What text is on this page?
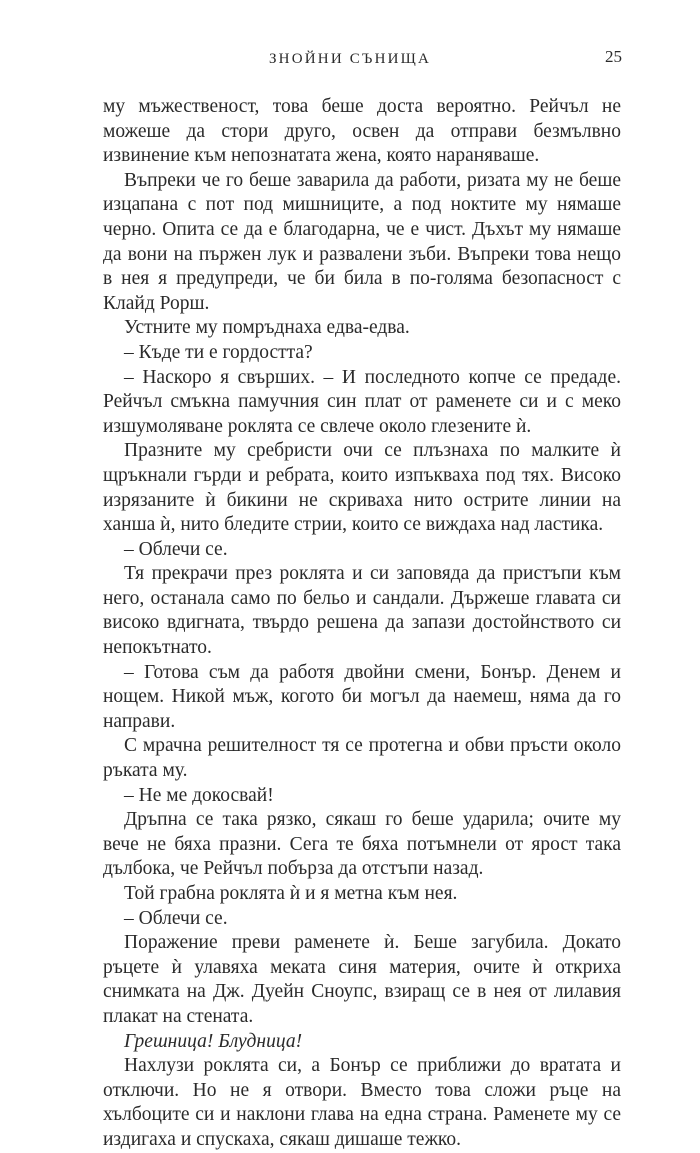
ЗНОЙНИ СЪНИЩА	25

му мъжественост, това беше доста вероятно. Рейчъл не можеше да стори друго, освен да отправи безмълвно извинение към непознатата жена, която нараняваше.

Въпреки че го беше заварила да работи, ризата му не беше изцапана с пот под мишниците, а под ноктите му нямаше черно. Опита се да е благодарна, че е чист. Дъхът му нямаше да вони на пържен лук и развалени зъби. Въпреки това нещо в нея я предупреди, че би била в по-голяма безопасност с Клайд Рорш.

Устните му помръднаха едва-едва.

– Къде ти е гордостта?

– Наскоро я свърших. – И последното копче се предаде. Рейчъл смъкна памучния син плат от раменете си и с меко изшумоляване роклята се свлече около глезените ѝ.

Празните му сребристи очи се плъзнаха по малките ѝ щръкнали гърди и ребрата, които изпъкваха под тях. Високо изрязаните ѝ бикини не скриваха нито острите линии на ханша ѝ, нито бледите стрии, които се виждаха над ластика.

– Облечи се.

Тя прекрачи през роклята и си заповяда да пристъпи към него, останала само по бельо и сандали. Държеше главата си високо вдигната, твърдо решена да запази достойнството си непокътнато.

– Готова съм да работя двойни смени, Бонър. Денем и нощем. Никой мъж, когото би могъл да наемеш, няма да го направи.

С мрачна решителност тя се протегна и обви пръсти около ръката му.

– Не ме докосвай!

Дръпна се така рязко, сякаш го беше ударила; очите му вече не бяха празни. Сега те бяха потъмнели от ярост така дълбока, че Рейчъл побърза да отстъпи назад.

Той грабна роклята ѝ и я метна към нея.

– Облечи се.

Поражение преви раменете ѝ. Беше загубила. Докато ръцете ѝ улавяха меката синя материя, очите ѝ откриха снимката на Дж. Дуейн Сноупс, взиращ се в нея от лилавия плакат на стената.

Грешница! Блудница!

Нахлузи роклята си, а Бонър се приближи до вратата и отключи. Но не я отвори. Вместо това сложи ръце на хълбоците си и наклони глава на една страна. Раменете му се издигаха и спускаха, сякаш дишаше тежко.
